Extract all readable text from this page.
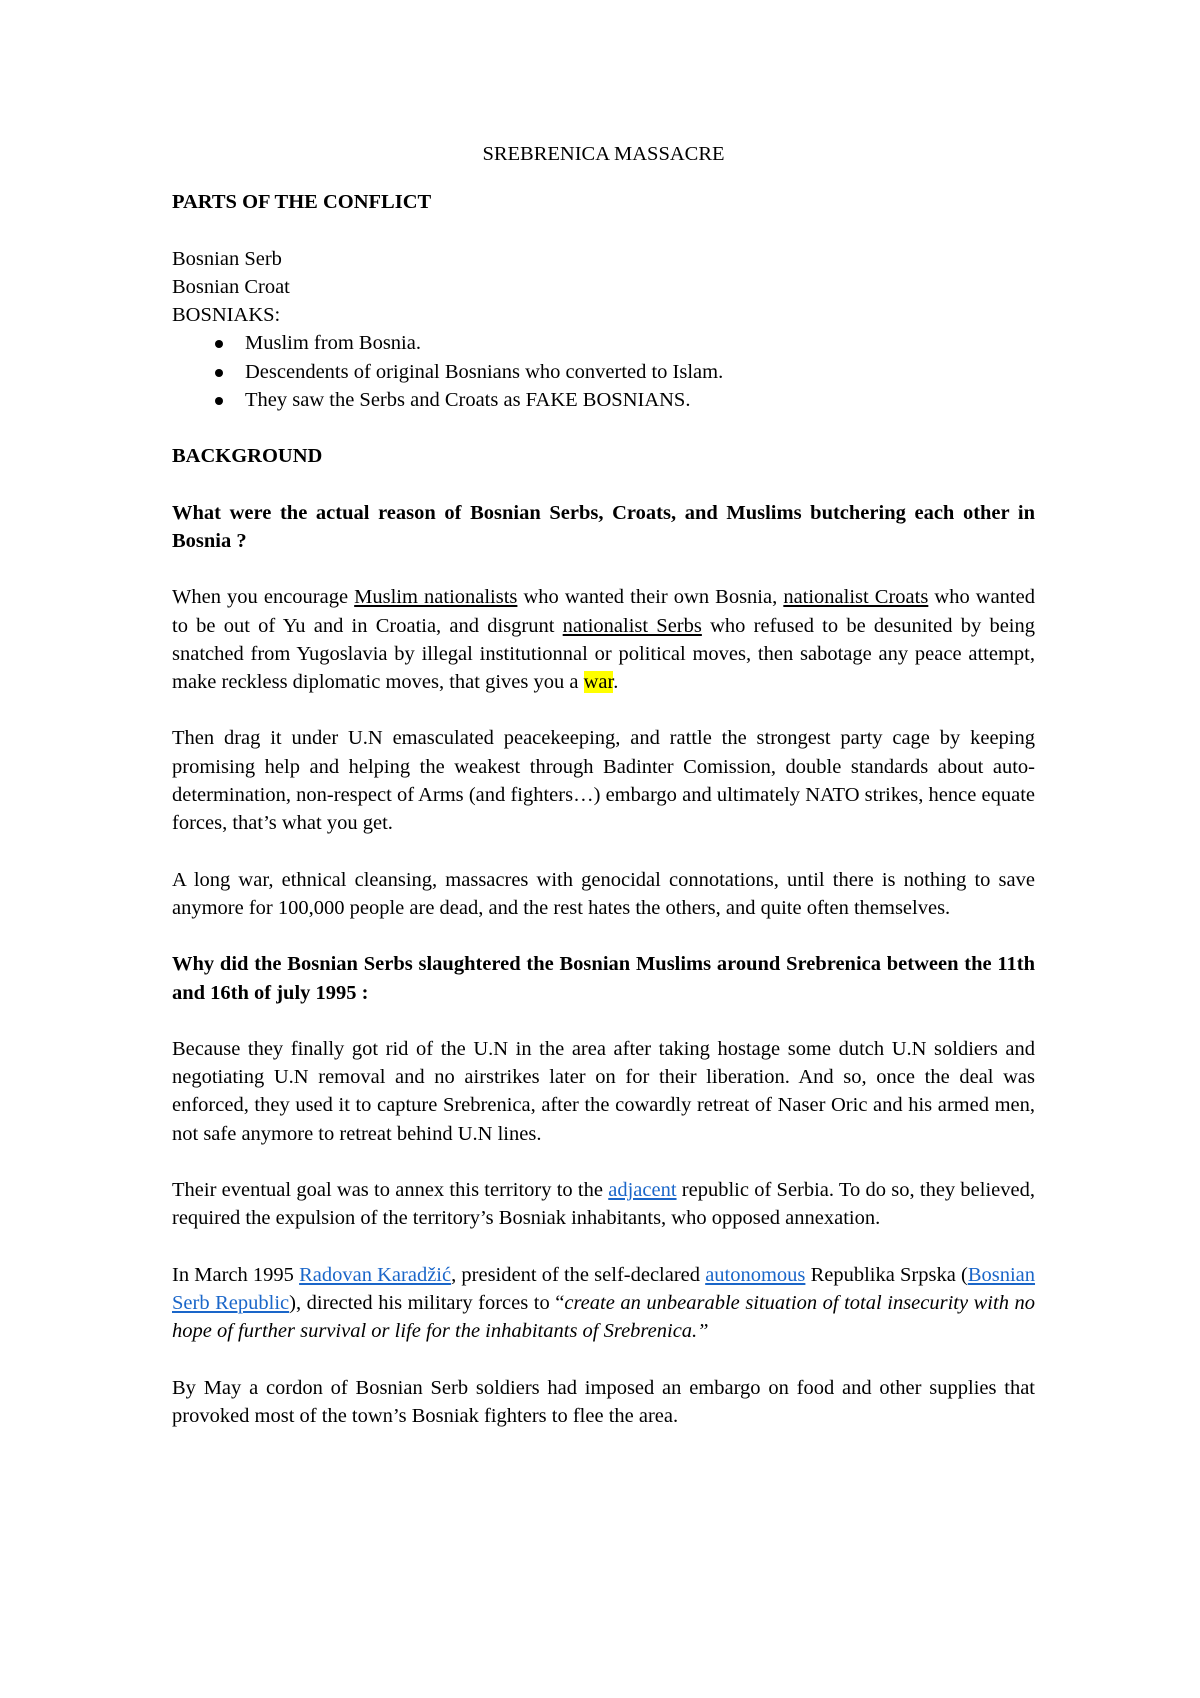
SREBRENICA MASSACRE
PARTS OF THE CONFLICT
Bosnian Serb
Bosnian Croat
BOSNIAKS:
Muslim from Bosnia.
Descendents of original Bosnians who converted to Islam.
They saw the Serbs and Croats as FAKE BOSNIANS.
BACKGROUND
What were the actual reason of Bosnian Serbs, Croats, and Muslims butchering each other in Bosnia ?

When you encourage Muslim nationalists who wanted their own Bosnia, nationalist Croats who wanted to be out of Yu and in Croatia, and disgrunt nationalist Serbs who refused to be desunited by being snatched from Yugoslavia by illegal institutionnal or political moves, then sabotage any peace attempt, make reckless diplomatic moves, that gives you a war.

Then drag it under U.N emasculated peacekeeping, and rattle the strongest party cage by keeping promising help and helping the weakest through Badinter Comission, double standards about auto-determination, non-respect of Arms (and fighters…) embargo and ultimately NATO strikes, hence equate forces, that’s what you get.

A long war, ethnical cleansing, massacres with genocidal connotations, until there is nothing to save anymore for 100,000 people are dead, and the rest hates the others, and quite often themselves.

Why did the Bosnian Serbs slaughtered the Bosnian Muslims around Srebrenica between the 11th and 16th of july 1995 :

Because they finally got rid of the U.N in the area after taking hostage some dutch U.N soldiers and negotiating U.N removal and no airstrikes later on for their liberation. And so, once the deal was enforced, they used it to capture Srebrenica, after the cowardly retreat of Naser Oric and his armed men, not safe anymore to retreat behind U.N lines.

Their eventual goal was to annex this territory to the adjacent republic of Serbia. To do so, they believed, required the expulsion of the territory’s Bosniak inhabitants, who opposed annexation.

In March 1995 Radovan Karadžić, president of the self-declared autonomous Republika Srpska (Bosnian Serb Republic), directed his military forces to “create an unbearable situation of total insecurity with no hope of further survival or life for the inhabitants of Srebrenica.”

By May a cordon of Bosnian Serb soldiers had imposed an embargo on food and other supplies that provoked most of the town’s Bosniak fighters to flee the area.
